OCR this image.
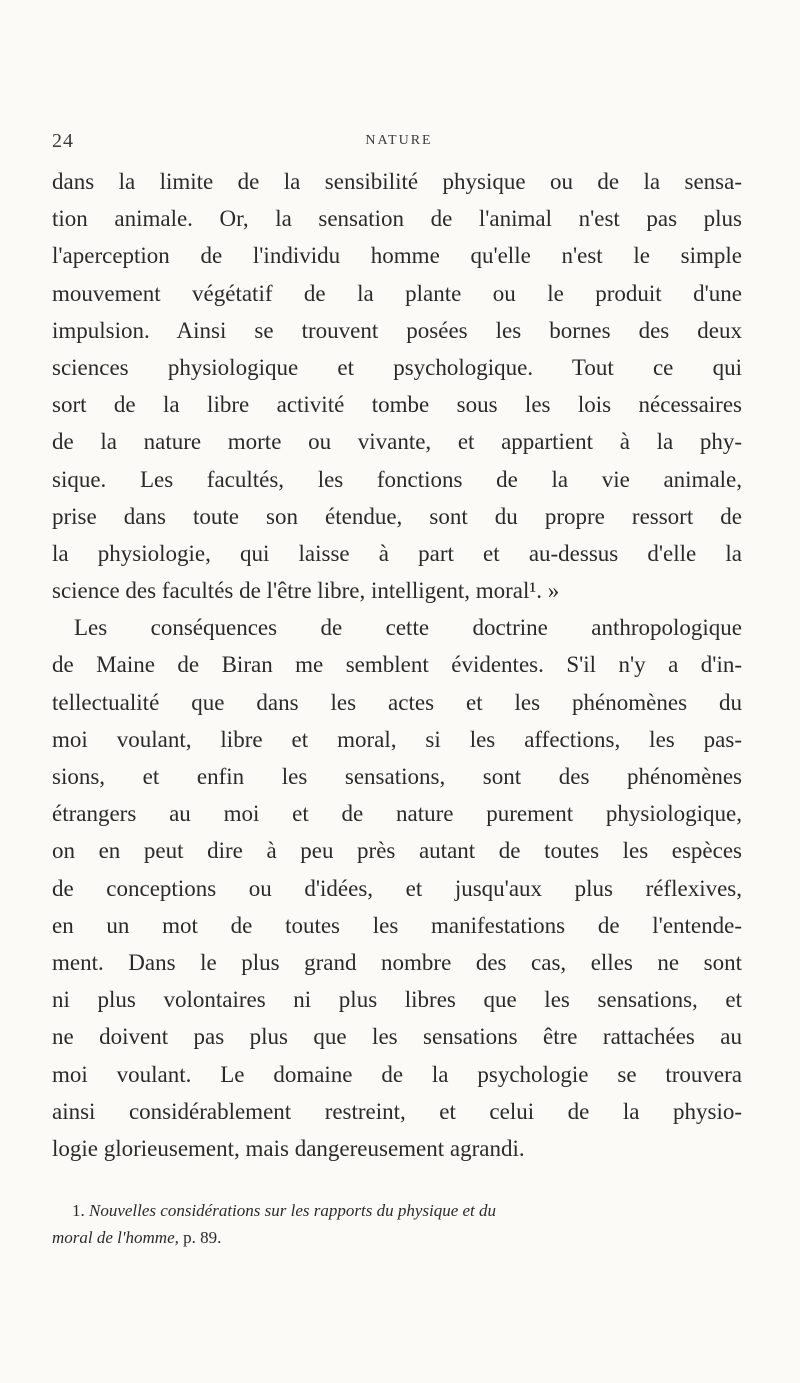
24	NATURE
dans la limite de la sensibilité physique ou de la sensa-
tion animale. Or, la sensation de l'animal n'est pas plus
l'aperception de l'individu homme qu'elle n'est le simple
mouvement végétatif de la plante ou le produit d'une
impulsion. Ainsi se trouvent posées les bornes des deux
sciences physiologique et psychologique. Tout ce qui
sort de la libre activité tombe sous les lois nécessaires
de la nature morte ou vivante, et appartient à la phy-
sique. Les facultés, les fonctions de la vie animale,
prise dans toute son étendue, sont du propre ressort de
la physiologie, qui laisse à part et au-dessus d'elle la
science des facultés de l'être libre, intelligent, moral¹. »
Les conséquences de cette doctrine anthropologique
de Maine de Biran me semblent évidentes. S'il n'y a d'in-
tellectualité que dans les actes et les phénomènes du
moi voulant, libre et moral, si les affections, les pas-
sions, et enfin les sensations, sont des phénomènes
étrangers au moi et de nature purement physiologique,
on en peut dire à peu près autant de toutes les espèces
de conceptions ou d'idées, et jusqu'aux plus réflexives,
en un mot de toutes les manifestations de l'entende-
ment. Dans le plus grand nombre des cas, elles ne sont
ni plus volontaires ni plus libres que les sensations, et
ne doivent pas plus que les sensations être rattachées au
moi voulant. Le domaine de la psychologie se trouvera
ainsi considérablement restreint, et celui de la physio-
logie glorieusement, mais dangereusement agrandi.
1. Nouvelles considérations sur les rapports du physique et du
moral de l'homme, p. 89.
